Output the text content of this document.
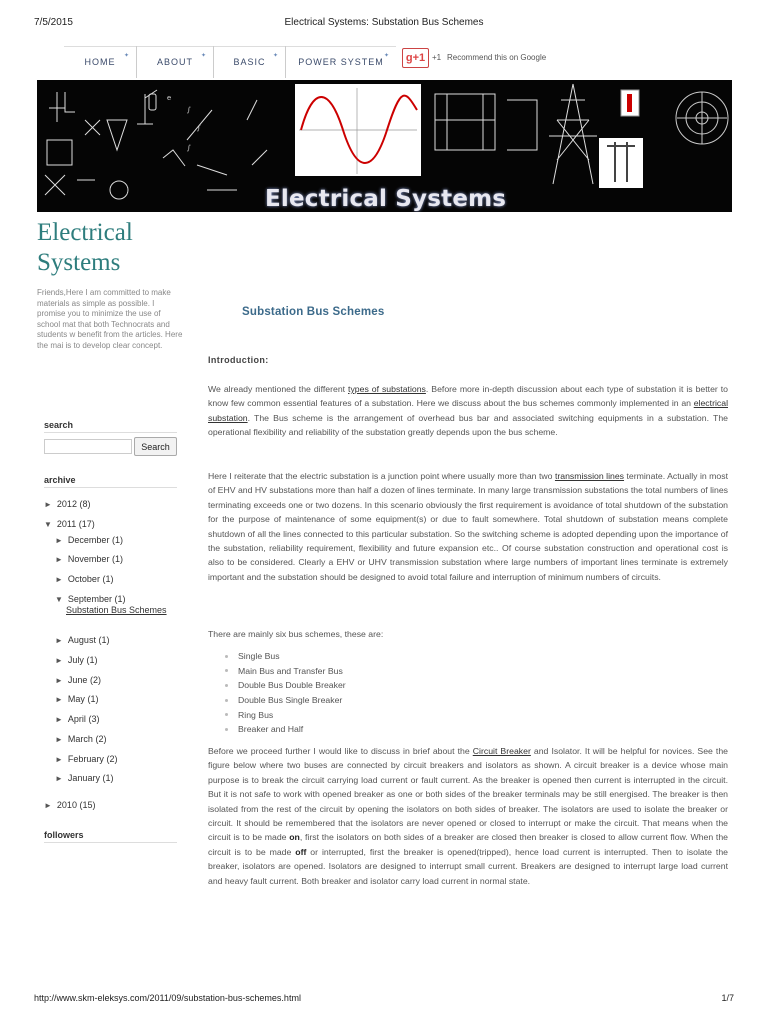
7/5/2015	Electrical Systems: Substation Bus Schemes
http://www.skm-eleksys.com/2011/09/substation-bus-schemes.html	1/7
HOME
✦
ABOUT
✦
BASIC
✦
POWER SYSTEM
✦	g+1 +1 Recommend this on Google
e
∫
∫
∫
Electrical Systems
Electrical Systems
Friends,Here I am committed to make materials as simple as possible. I promise you to minimize the use of school mat that both Technocrats and students w benefit from the articles. Here the mai is to develop clear concept.
search
Search
archive
► 2012 (8)
▼ 2011 (17)
► December (1)
► November (1)
► October (1)
▼ September (1)
► August (1)
► July (1)
► June (2)
► May (1)
► April (3)
► March (2)
► February (2)
► January (1)
► 2010 (15)
Substation Bus Schemes
followers
Substation Bus Schemes
Introduction:
We already mentioned the different types of substations. Before more in-depth discussion about each type of substation it is better to know few common essential features of a substation. Here we discuss about the bus schemes commonly implemented in an electrical substation. The Bus scheme is the arrangement of overhead bus bar and associated switching equipments in a substation. The operational flexibility and reliability of the substation greatly depends upon the bus scheme.
Here I reiterate that the electric substation is a junction point where usually more than two transmission lines terminate. Actually in most of EHV and HV substations more than half a dozen of lines terminate. In many large transmission substations the total numbers of lines terminating exceeds one or two dozens. In this scenario obviously the first requirement is avoidance of total shutdown of the substation for the purpose of maintenance of some equipment(s) or due to fault somewhere. Total shutdown of substation means complete shutdown of all the lines connected to this particular substation. So the switching scheme is adopted depending upon the importance of the substation, reliability requirement, flexibility and future expansion etc.. Of course substation construction and operational cost is also to be considered. Clearly a EHV or UHV transmission substation where large numbers of important lines terminate is extremely important and the substation should be designed to avoid total failure and interruption of minimum numbers of circuits.
There are mainly six bus schemes, these are:
Single Bus
Main Bus and Transfer Bus
Double Bus Double Breaker
Double Bus Single Breaker
Ring Bus
Breaker and Half
Before we proceed further I would like to discuss in brief about the Circuit Breaker and Isolator. It will be helpful for novices. See the figure below where two buses are connected by circuit breakers and isolators as shown. A circuit breaker is a device whose main purpose is to break the circuit carrying load current or fault current. As the breaker is opened then current is interrupted in the circuit. But it is not safe to work with opened breaker as one or both sides of the breaker terminals may be still energised. The breaker is then isolated from the rest of the circuit by opening the isolators on both sides of breaker. The isolators are used to isolate the breaker or circuit. It should be remembered that the isolators are never opened or closed to interrupt or make the circuit. That means when the circuit is to be made on, first the isolators on both sides of a breaker are closed then breaker is closed to allow current flow. When the circuit is to be made off or interrupted, first the breaker is opened(tripped), hence load current is interrupted. Then to isolate the breaker, isolators are opened. Isolators are designed to interrupt small current. Breakers are designed to interrupt large load current and heavy fault current. Both breaker and isolator carry load current in normal state.
